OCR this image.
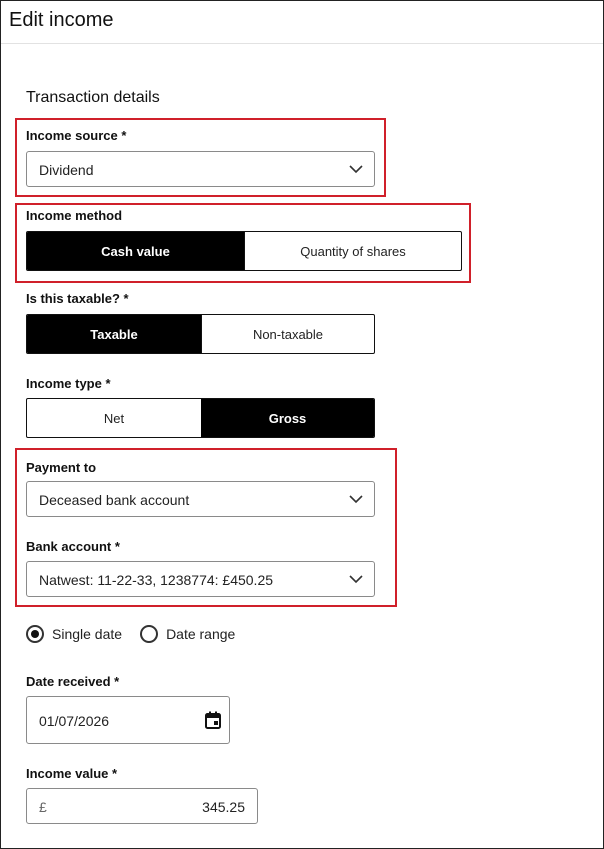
Edit income
Transaction details
Income source *
Dividend
Income method
Cash value	Quantity of shares
Is this taxable? *
Taxable	Non-taxable
Income type *
Net	Gross
Payment to
Deceased bank account
Bank account *
Natwest: 11-22-33, 1238774: £450.25
Single date	Date range
Date received *
01/07/2026
Income value *
£	345.25
